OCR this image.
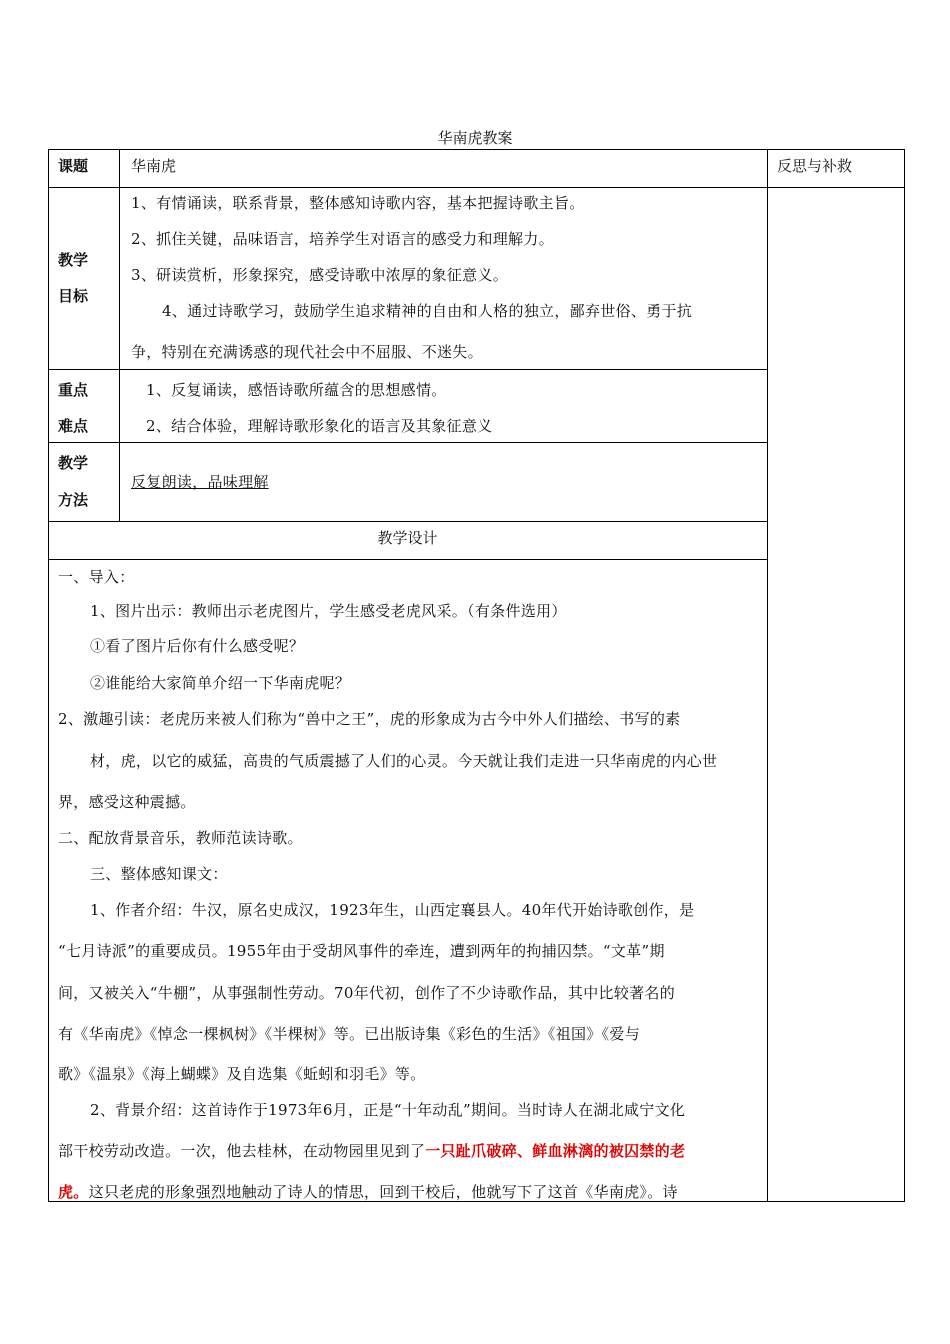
华南虎教案
课题	华南虎	反思与补救
教学
目标
1、有情诵读，联系背景，整体感知诗歌内容，基本把握诗歌主旨。
2、抓住关键，品味语言，培养学生对语言的感受力和理解力。
3、研读赏析，形象探究，感受诗歌中浓厚的象征意义。
4、通过诗歌学习，鼓励学生追求精神的自由和人格的独立，鄙弃世俗、勇于抗
争，特别在充满诱惑的现代社会中不屈服、不迷失。
重点
难点
1、反复诵读，感悟诗歌所蕴含的思想感情。
2、结合体验，理解诗歌形象化的语言及其象征意义
教学
方法
反复朗读，品味理解
教学设计
一、导入：
1、图片出示：教师出示老虎图片，学生感受老虎风采。（有条件选用）
①看了图片后你有什么感受呢？
②谁能给大家简单介绍一下华南虎呢？
2、激趣引读：老虎历来被人们称为“兽中之王”，虎的形象成为古今中外人们描绘、书写的素
材，虎，以它的威猛，高贵的气质震撼了人们的心灵。今天就让我们走进一只华南虎的内心世
界，感受这种震撼。
二、配放背景音乐，教师范读诗歌。
三、整体感知课文：
1、作者介绍：牛汉，原名史成汉，1923年生，山西定襄县人。40年代开始诗歌创作，是
“七月诗派”的重要成员。1955年由于受胡风事件的牵连，遭到两年的拘捕囚禁。“文革”期
间，又被关入“牛棚”，从事强制性劳动。70年代初，创作了不少诗歌作品，其中比较著名的
有《华南虎》《悼念一棵枫树》《半棵树》等。已出版诗集《彩色的生活》《祖国》《爱与
歌》《温泉》《海上蝴蝶》及自选集《蚯蚓和羽毛》等。
2、背景介绍：这首诗作于1973年6月，正是“十年动乱”期间。当时诗人在湖北咸宁文化
部干校劳动改造。一次，他去桂林，在动物园里见到了一只趾爪破碎、鲜血淋漓的被囚禁的老
虎。这只老虎的形象强烈地触动了诗人的情思，回到干校后，他就写下了这首《华南虎》。诗
